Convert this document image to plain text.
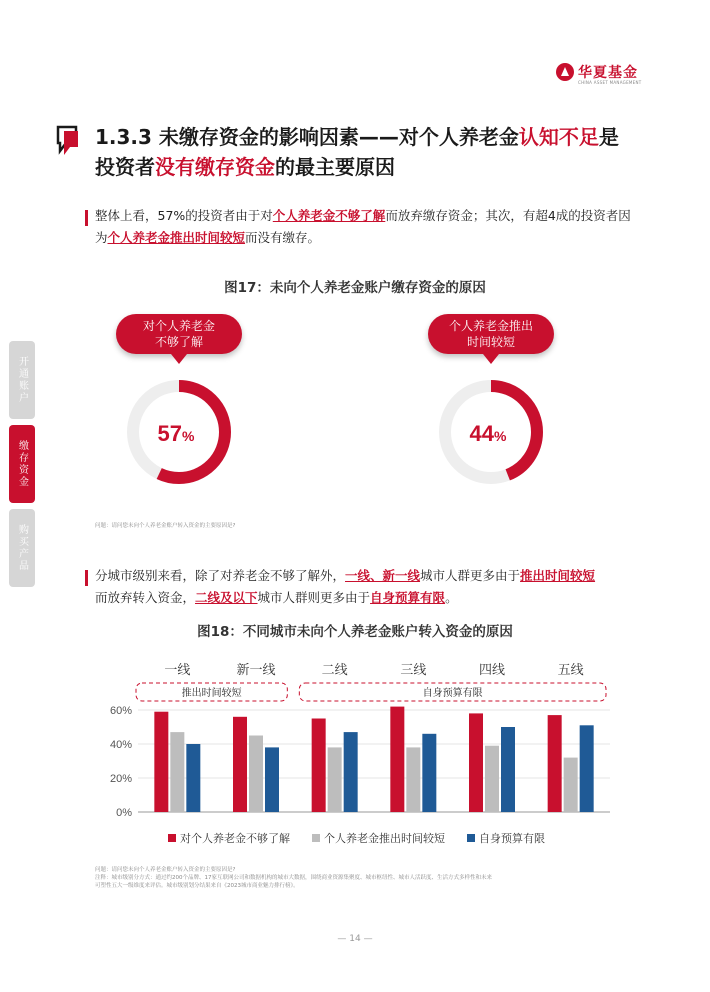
华夏基金
CHINA ASSET MANAGEMENT
1.3.3 未缴存资金的影响因素——对个人养老金认知不足是
投资者没有缴存资金的最主要原因
整体上看，57%的投资者由于对个人养老金不够了解而放弃缴存资金；其次，有超4成的投资者因为个人养老金推出时间较短而没有缴存。
图17：未向个人养老金账户缴存资金的原因
对个人养老金
不够了解
57%
个人养老金推出
时间较短
44%
问题：请问您未向个人养老金账户转入资金的主要原因是?
开通账户
缴存资金
购买产品
分城市级别来看，除了对养老金不够了解外，一线、新一线城市人群更多由于推出时间较短
而放弃转入资金，二线及以下城市人群则更多由于自身预算有限。
图18：不同城市未向个人养老金账户转入资金的原因
60%
40%
20%
0%
推出时间较短	自身预算有限
一线	新一线	二线	三线	四线	五线
对个人养老金不够了解	个人养老金推出时间较短	自身预算有限
问题：请问您未向个人养老金账户转入资金的主要原因是?
注释：城市级别分方式：通过约200个品牌、17家互联网公司和数据机构的城市大数据，围绕商业资源集聚度、城市枢纽性、城市人活跃度、生活方式多样性和未来
可塑性五大一级维度来评估。城市级别划分结果来自《2023城市商业魅力排行榜》。
— 14 —
